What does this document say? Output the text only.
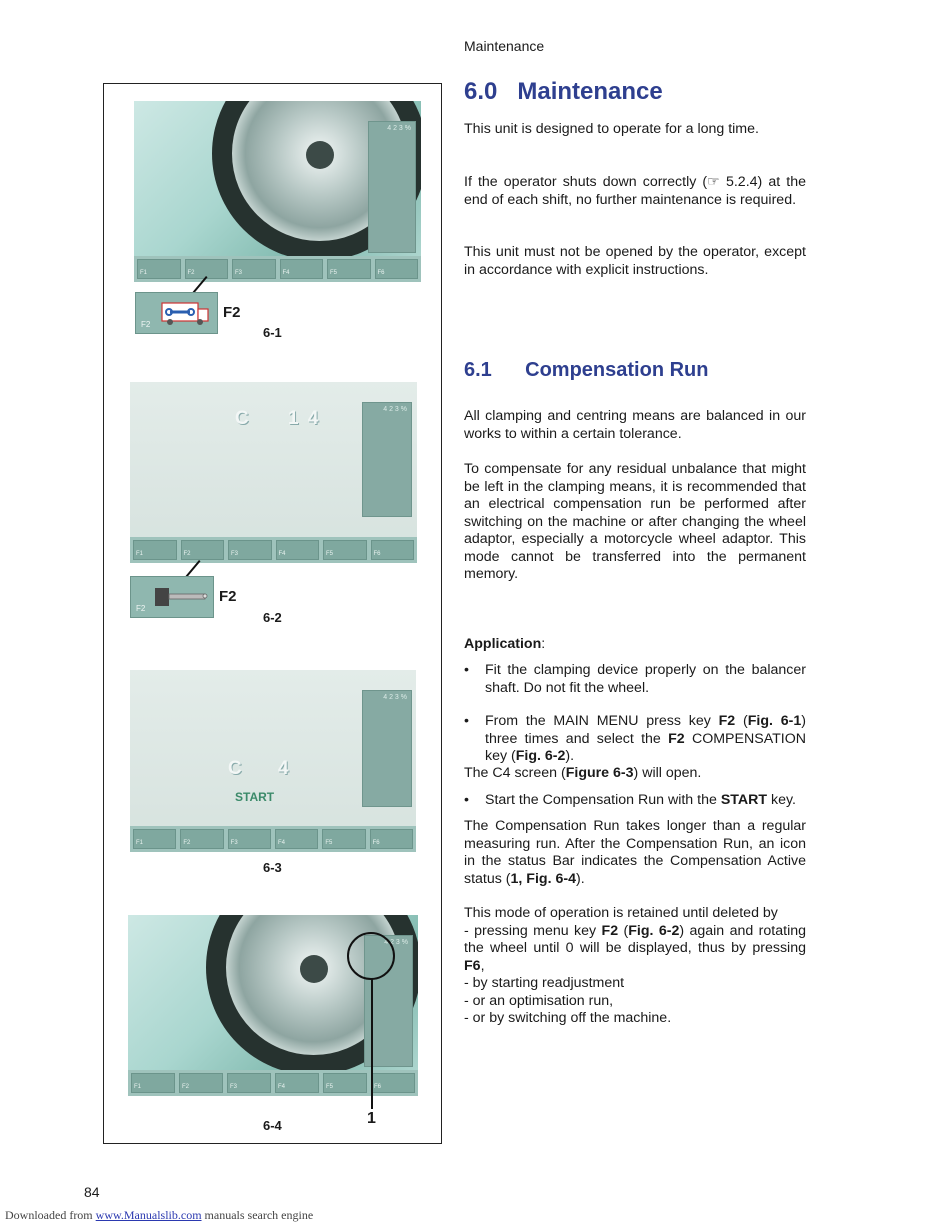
Maintenance
4 2 3 %
F1	F2	F3	F4	F5	F6
F2
F2
6-1
4 2 3 %
C 1 4
F1	F2	F3	F4	F5	F6
F2
F2
6-2
4 2 3 %
C 4
START
F1	F2	F3	F4	F5	F6
6-3
4 2 3 %
F1	F2	F3	F4	F5	F6
1
6-4
6.0   Maintenance
This unit is designed to operate for a long time.
If the operator shuts down correctly (☞ 5.2.4) at the end of each shift, no further maintenance is required.
This unit must not be opened by the operator, except in accordance with explicit instructions.
6.1      Compensation Run
All clamping and centring means are balanced in our works to within a certain tolerance.
To compensate for any residual unbalance that might be left in the clamping means, it is recommended that an electrical compensation run be performed after switching on the machine or after changing the wheel adaptor, especially a motorcycle wheel adaptor. This mode cannot be transferred into the permanent memory.
Application:
• Fit the clamping device properly on the balancer shaft. Do not fit the wheel.
• From the MAIN MENU press key F2 (Fig. 6-1) three times and select the F2 COMPENSATION key (Fig. 6-2).
The C4 screen (Figure 6-3) will open.
• Start the Compensation Run with the START key.
The Compensation Run takes longer than a regular measuring run. After the Compensation Run, an icon in the status Bar indicates the Compensation Active status (1, Fig. 6-4).
This mode of operation is retained until deleted by
- pressing menu key F2 (Fig. 6-2) again and rotating the wheel until 0 will be displayed, thus by pressing F6,
- by starting readjustment
- or an optimisation run,
- or by switching off the machine.
84
Downloaded from www.Manualslib.com manuals search engine
